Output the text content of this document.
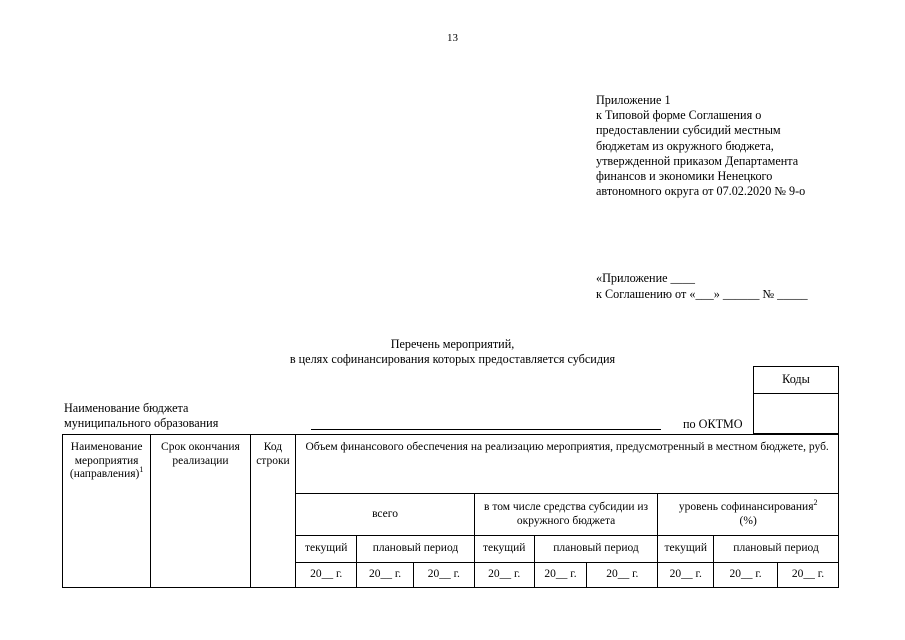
13
Приложение 1
к Типовой форме Соглашения о
предоставлении субсидий местным
бюджетам из окружного бюджета,
утвержденной приказом Департамента
финансов и экономики Ненецкого
автономного округа от 07.02.2020 № 9-о
«Приложение ____
к Соглашению от «___» ______ № _____
Перечень мероприятий,
в целях софинансирования которых предоставляется субсидия
Наименование бюджета
муниципального образования	по ОКТМО
Коды
Наименование мероприятия (направления)$^1$	Срок окончания реализации	Код строки	Объем финансового обеспечения на реализацию мероприятия, предусмотренный в местном бюджете, руб.								
			всего			в том числе средства субсидии из окружного бюджета			уровень софинансирования$^2$
(%)		
			текущий	плановый период		текущий	плановый период		текущий	плановый период	
			20__ г.	20__ г.	20__ г.	20__ г.	20__ г.	20__ г.	20__ г.	20__ г.	20__ г.
